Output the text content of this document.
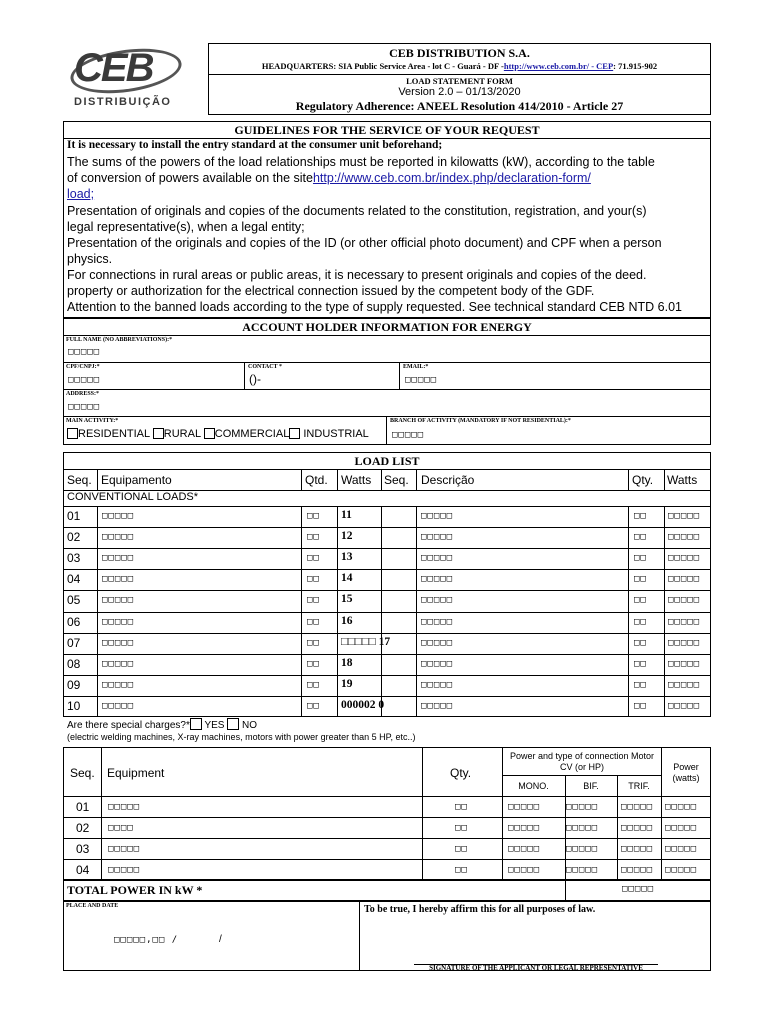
CEB
DISTRIBUIÇÃO
CEB DISTRIBUTION S.A.
HEADQUARTERS: SIA Public Service Area - lot C - Guará - DF -http://www.ceb.com.br/ - CEP: 71.915-902
LOAD STATEMENT FORM
Version 2.0 – 01/13/2020
Regulatory Adherence: ANEEL Resolution 414/2010 - Article 27
GUIDELINES FOR THE SERVICE OF YOUR REQUEST
It is necessary to install the entry standard at the consumer unit beforehand;
The sums of the powers of the load relationships must be reported in kilowatts (kW), according to the table
of conversion of powers available on the sitehttp://www.ceb.com.br/index.php/declaration-form/
load;
Presentation of originals and copies of the documents related to the constitution, registration, and your(s)
legal representative(s), when a legal entity;
Presentation of the originals and copies of the ID (or other official photo document) and CPF when a person
physics.
For connections in rural areas or public areas, it is necessary to present originals and copies of the deed.
property or authorization for the electrical connection issued by the competent body of the GDF.
Attention to the banned loads according to the type of supply requested. See technical standard CEB NTD 6.01
ACCOUNT HOLDER INFORMATION FOR ENERGY
FULL NAME (NO ABBREVIATIONS):*
□□□□□
CPF/CNPJ:*
□□□□□
CONTACT *
()-
EMAIL:*
□□□□□
ADDRESS:*
□□□□□
MAIN ACTIVITY:*
RESIDENTIAL RURAL COMMERCIAL INDUSTRIAL
BRANCH OF ACTIVITY (MANDATORY IF NOT RESIDENTIAL):*
□□□□□
LOAD LIST
Seq. Equipamento	Qtd. Watts Seq. Descrição	Qty. Watts
CONVENTIONAL LOADS*
01 □□□□□	□□ 11	□□□□□	□□ □□□□□
02 □□□□□	□□ 12	□□□□□	□□ □□□□□
03 □□□□□	□□ 13	□□□□□	□□ □□□□□
04 □□□□□	□□ 14	□□□□□	□□ □□□□□
05 □□□□□	□□ 15	□□□□□	□□ □□□□□
06 □□□□□	□□ 16	□□□□□	□□ □□□□□
07 □□□□□	□□ □□□□□ 17	□□□□□	□□ □□□□□
08 □□□□□	□□ 18	□□□□□	□□ □□□□□
09 □□□□□	□□ 19	□□□□□	□□ □□□□□
10 □□□□□	□□ 000002 0	□□□□□	□□ □□□□□
Are there special charges?* YES NO
(electric welding machines, X-ray machines, motors with power greater than 5 HP, etc..)
Seq. Equipment	Qty.
Power and type of connection Motor CV (or HP)
MONO.	BIF.	TRIF.
Power (watts)
01 □□□□□	□□	□□□□□	□□□□□	□□□□□ □□□□□
02 □□□□	□□	□□□□□	□□□□□	□□□□□ □□□□□
03 □□□□□	□□	□□□□□	□□□□□	□□□□□ □□□□□
04 □□□□□	□□	□□□□□	□□□□□	□□□□□ □□□□□
TOTAL POWER IN kW *	□□□□□
PLACE AND DATE
□□□□□,□□ /	/
To be true, I hereby affirm this for all purposes of law.
SIGNATURE OF THE APPLICANT OR LEGAL REPRESENTATIVE
